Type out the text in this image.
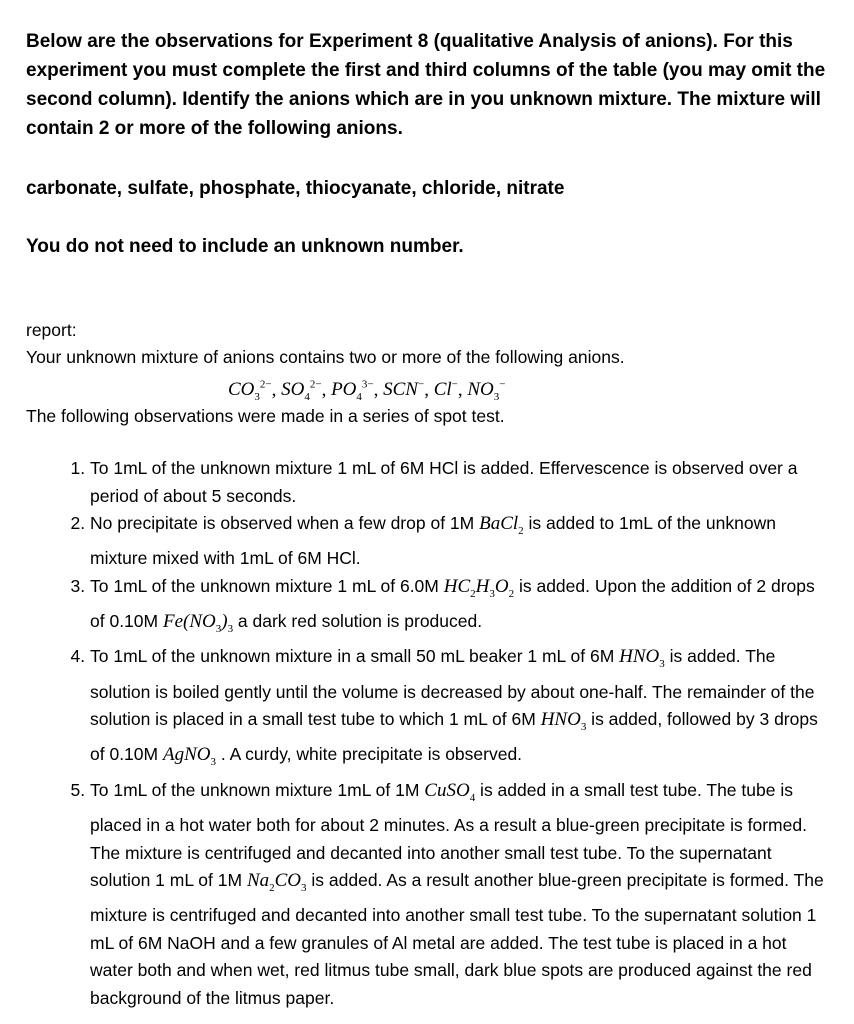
Below are the observations for Experiment 8 (qualitative Analysis of anions). For this experiment you must complete the first and third columns of the table (you may omit the second column). Identify the anions which are in you unknown mixture. The mixture will contain 2 or more of the following anions.
carbonate, sulfate, phosphate, thiocyanate, chloride, nitrate
You do not need to include an unknown number.
report:
Your unknown mixture of anions contains two or more of the following anions.
$CO_3^{2-}$, $SO_4^{2-}$, $PO_4^{3-}$, SCN−, Cl−, $NO_3^-$
The following observations were made in a series of spot test.
1. To 1mL of the unknown mixture 1 mL of 6M HCl is added. Effervescence is observed over a period of about 5 seconds.
2. No precipitate is observed when a few drop of 1M BaCl$_2$ is added to 1mL of the unknown mixture mixed with 1mL of 6M HCl.
3. To 1mL of the unknown mixture 1 mL of 6.0M $HC_2H_3O_2$ is added. Upon the addition of 2 drops of 0.10M $Fe(NO_3)_3$ a dark red solution is produced.
4. To 1mL of the unknown mixture in a small 50 mL beaker 1 mL of 6M $HNO_3$ is added. The solution is boiled gently until the volume is decreased by about one-half. The remainder of the solution is placed in a small test tube to which 1 mL of 6M $HNO_3$ is added, followed by 3 drops of 0.10M AgNO$_3$ . A curdy, white precipitate is observed.
5. To 1mL of the unknown mixture 1mL of 1M CuSO$_4$ is added in a small test tube. The tube is placed in a hot water both for about 2 minutes. As a result a blue-green precipitate is formed. The mixture is centrifuged and decanted into another small test tube. To the supernatant solution 1 mL of 1M $Na_2CO_3$ is added. As a result another blue-green precipitate is formed. The mixture is centrifuged and decanted into another small test tube. To the supernatant solution 1 mL of 6M NaOH and a few granules of Al metal are added. The test tube is placed in a hot water both and when wet, red litmus tube small, dark blue spots are produced against the red background of the litmus paper.
